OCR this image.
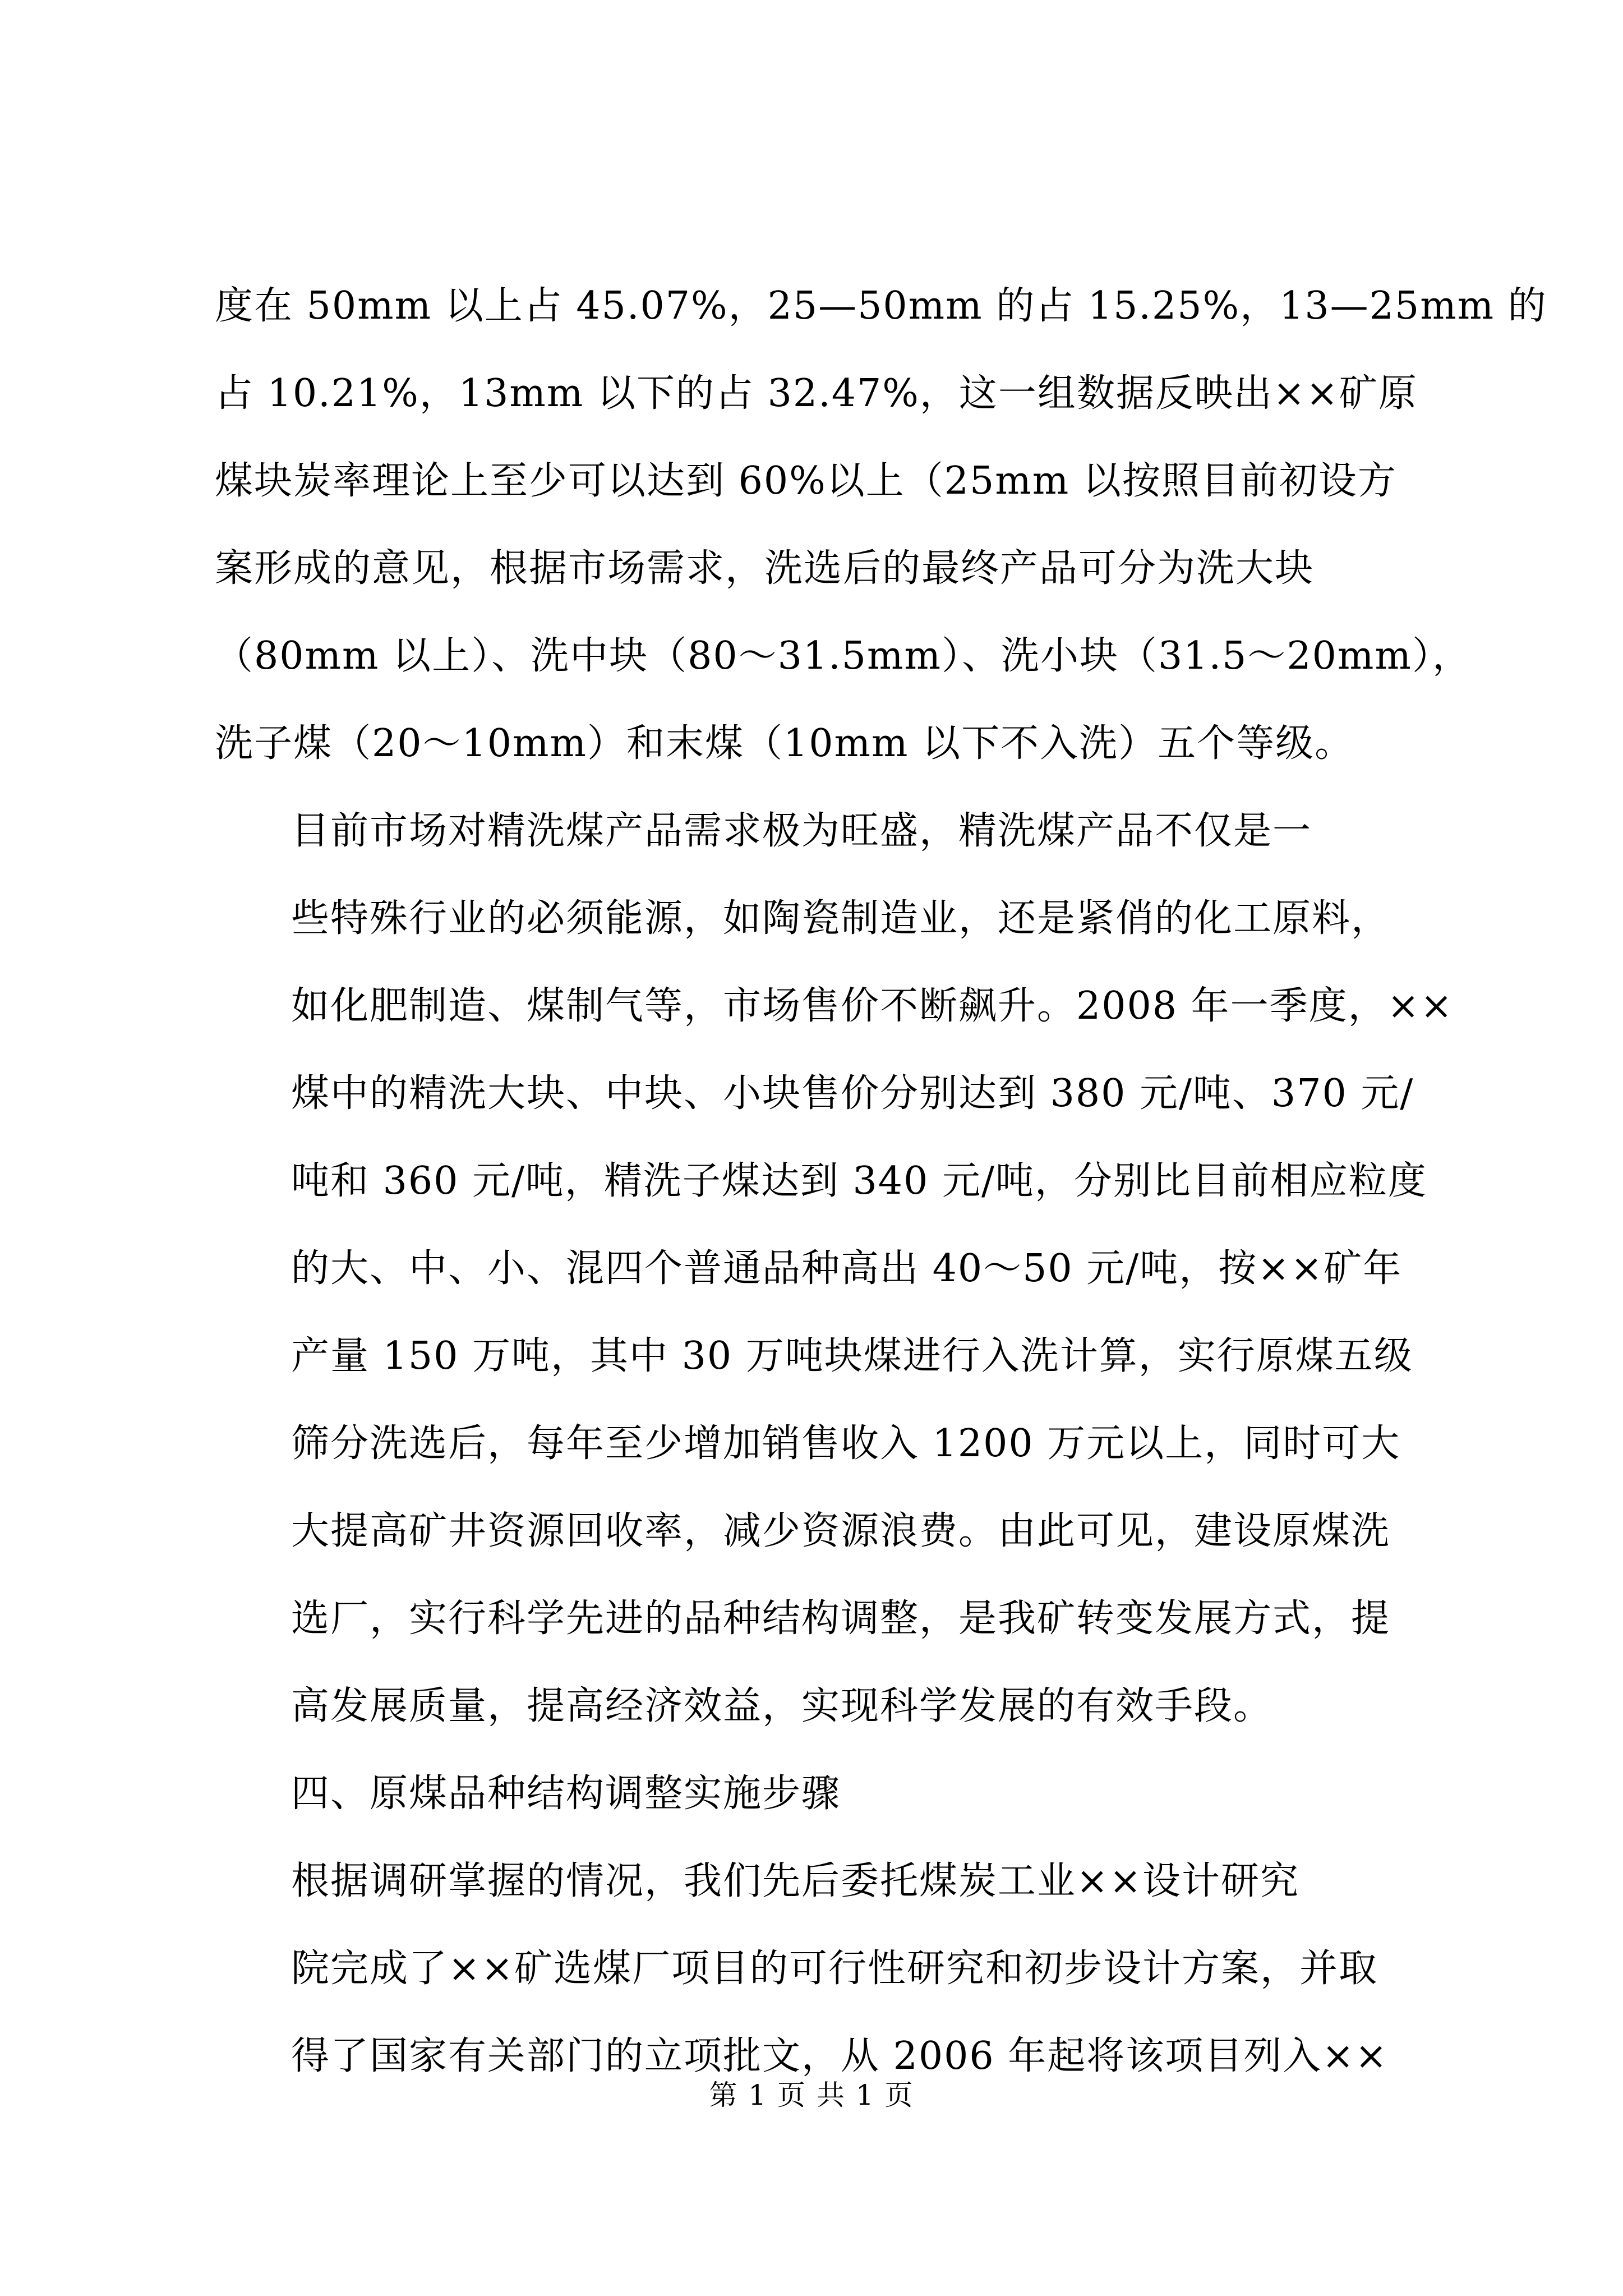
度在 50mm 以上占 45.07%，25—50mm 的占 15.25%，13—25mm 的
占 10.21%，13mm 以下的占 32.47%，这一组数据反映出××矿原
煤块炭率理论上至少可以达到 60%以上（25mm 以按照目前初设方
案形成的意见，根据市场需求，洗选后的最终产品可分为洗大块
（80mm 以上）、洗中块（80～31.5mm）、洗小块（31.5～20mm），
洗子煤（20～10mm）和末煤（10mm 以下不入洗）五个等级。

目前市场对精洗煤产品需求极为旺盛，精洗煤产品不仅是一
些特殊行业的必须能源，如陶瓷制造业，还是紧俏的化工原料，
如化肥制造、煤制气等，市场售价不断飙升。2008 年一季度，××
煤中的精洗大块、中块、小块售价分别达到 380 元/吨、370 元/
吨和 360 元/吨，精洗子煤达到 340 元/吨，分别比目前相应粒度
的大、中、小、混四个普通品种高出 40～50 元/吨，按××矿年
产量 150 万吨，其中 30 万吨块煤进行入洗计算，实行原煤五级
筛分洗选后，每年至少增加销售收入 1200 万元以上，同时可大
大提高矿井资源回收率，减少资源浪费。由此可见，建设原煤洗
选厂，实行科学先进的品种结构调整，是我矿转变发展方式，提
高发展质量，提高经济效益，实现科学发展的有效手段。

四、原煤品种结构调整实施步骤

根据调研掌握的情况，我们先后委托煤炭工业××设计研究
院完成了××矿选煤厂项目的可行性研究和初步设计方案，并取
得了国家有关部门的立项批文，从 2006 年起将该项目列入××

第 1 页 共 1 页
